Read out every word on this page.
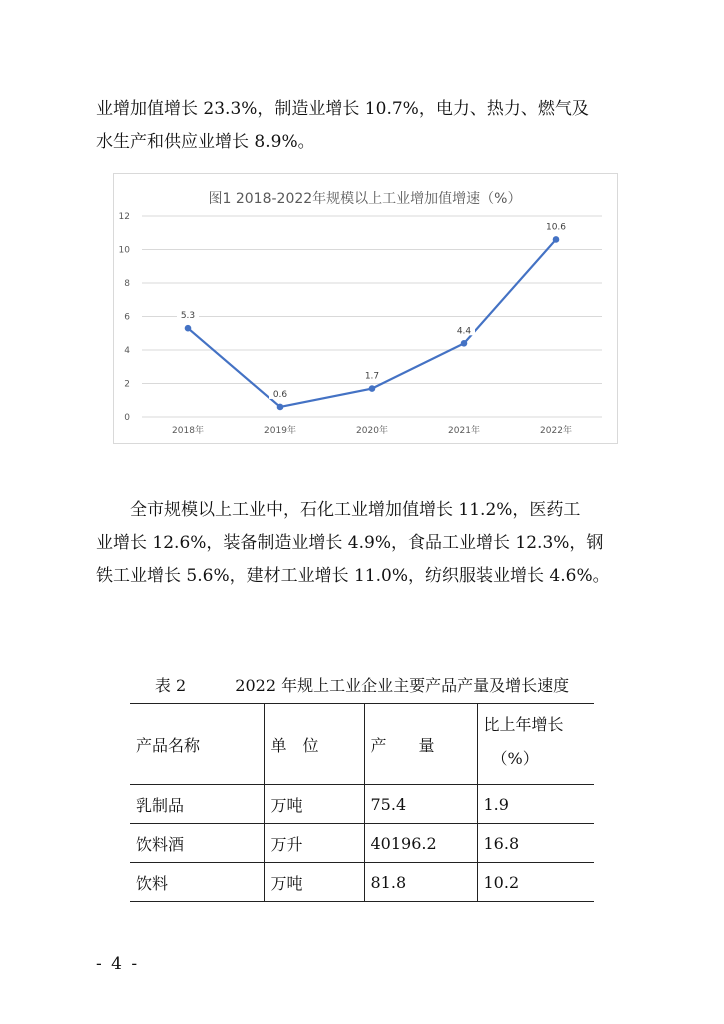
业增加值增长 23.3%，制造业增长 10.7%，电力、热力、燃气及
水生产和供应业增长 8.9%。
图1 2018-2022年规模以上工业增加值增速（%）
0
2
4
6
8
10
12
2018年	2019年	2020年	2021年	2022年
5.3
0.6
1.7
4.4
10.6
全市规模以上工业中，石化工业增加值增长 11.2%，医药工
业增长 12.6%，装备制造业增长 4.9%，食品工业增长 12.3%，钢
铁工业增长 5.6%，建材工业增长 11.0%，纺织服装业增长 4.6%。
表 2	2022 年规上工业企业主要产品产量及增长速度
产品名称	单　位	产　　量	比上年增长
（%）

乳制品	万吨	75.4	1.9
饮料酒	万升	40196.2	16.8
饮料	万吨	81.8	10.2
- 4 -
